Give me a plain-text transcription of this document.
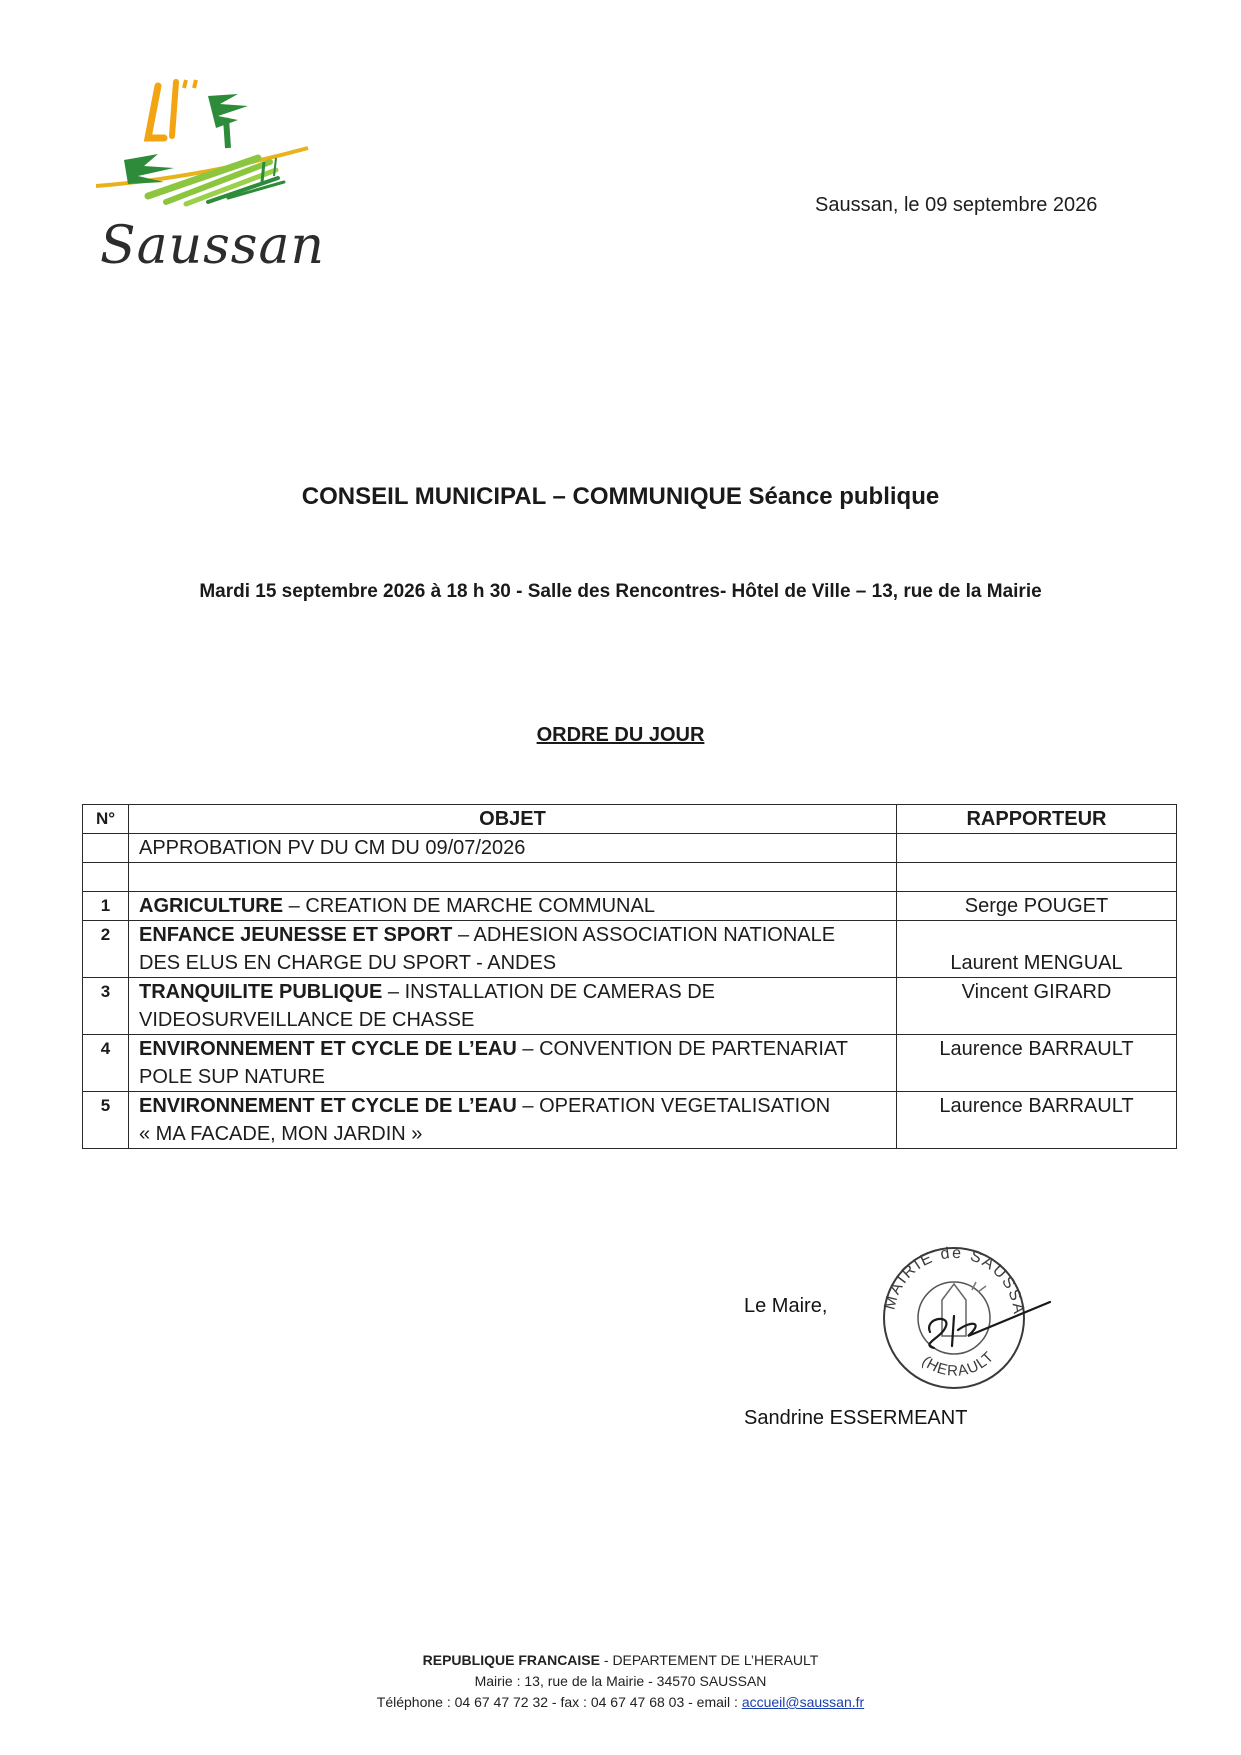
Saussan
Saussan, le 09 septembre 2026
CONSEIL MUNICIPAL – COMMUNIQUE Séance publique
Mardi 15 septembre 2026 à 18 h 30 - Salle des Rencontres- Hôtel de Ville – 13, rue de la Mairie
ORDRE DU JOUR
N°	OBJET	RAPPORTEUR
	APPROBATION PV DU CM DU 09/07/2026	

1	AGRICULTURE – CREATION DE MARCHE COMMUNAL	Serge POUGET
2	ENFANCE JEUNESSE ET SPORT – ADHESION ASSOCIATION NATIONALE
DES ELUS EN CHARGE DU SPORT - ANDES	Laurent MENGUAL
3	TRANQUILITE PUBLIQUE – INSTALLATION DE CAMERAS DE
VIDEOSURVEILLANCE DE CHASSE	Vincent GIRARD
4	ENVIRONNEMENT ET CYCLE DE L’EAU – CONVENTION DE PARTENARIAT
POLE SUP NATURE	Laurence BARRAULT
5	ENVIRONNEMENT ET CYCLE DE L’EAU – OPERATION VEGETALISATION
« MA FACADE, MON JARDIN »	Laurence BARRAULT
Le Maire,	MAIRIE de SAUSSA
(HERAULT
Sandrine ESSERMEANT
REPUBLIQUE FRANCAISE - DEPARTEMENT DE L’HERAULT
Mairie : 13, rue de la Mairie - 34570 SAUSSAN
Téléphone : 04 67 47 72 32 - fax : 04 67 47 68 03 - email : accueil@saussan.fr
